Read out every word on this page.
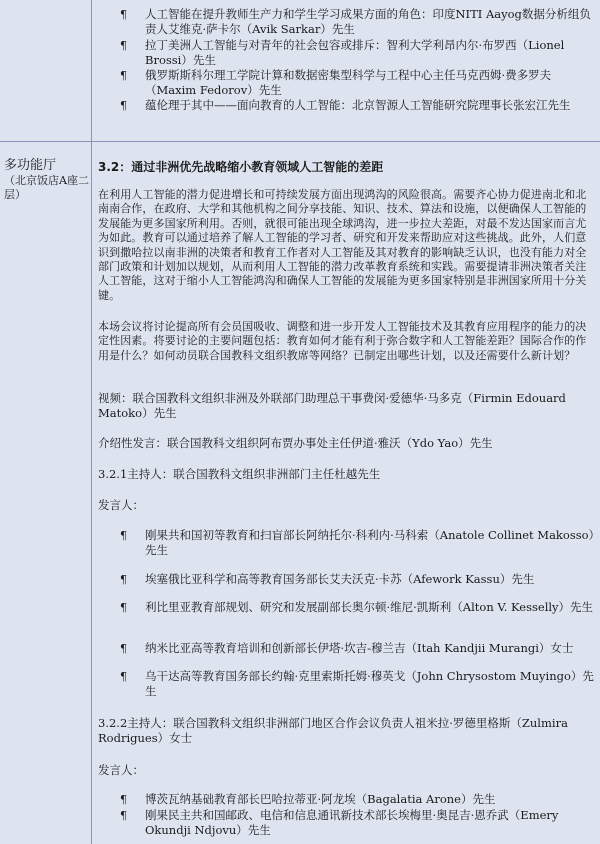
多功能厅
（北京饭店A座二层）
¶ 人工智能在提升教师生产力和学生学习成果方面的角色：印度NITI Aayog数据分析组负责人艾维克·萨卡尔（Avik Sarkar）先生
¶ 拉丁美洲人工智能与对青年的社会包容或排斥：智利大学利昂内尔·布罗西（Lionel Brossi）先生
¶ 俄罗斯斯科尔理工学院计算和数据密集型科学与工程中心主任马克西姆·费多罗夫（Maxim Fedorov）先生
¶ 蕴伦理于其中——面向教育的人工智能：北京智源人工智能研究院理事长张宏江先生
3.2：通过非洲优先战略缩小教育领域人工智能的差距
在利用人工智能的潜力促进增长和可持续发展方面出现鸿沟的风险很高。需要齐心协力促进南北和北南南合作，在政府、大学和其他机构之间分享技能、知识、技术、算法和设施，以便确保人工智能的发展能为更多国家所利用。否则，就很可能出现全球鸿沟，进一步拉大差距，对最不发达国家而言尤为如此。教育可以通过培养了解人工智能的学习者、研究和开发来帮助应对这些挑战。此外，人们意识到撒哈拉以南非洲的决策者和教育工作者对人工智能及其对教育的影响缺乏认识，也没有能力对全部门政策和计划加以规划，从而利用人工智能的潜力改革教育系统和实践。需要提请非洲决策者关注人工智能，这对于缩小人工智能鸿沟和确保人工智能的发展能为更多国家特别是非洲国家所用十分关键。
本场会议将讨论提高所有会员国吸收、调整和进一步开发人工智能技术及其教育应用程序的能力的决定性因素。将要讨论的主要问题包括：教育如何才能有利于弥合数字和人工智能差距？国际合作的作用是什么？如何动员联合国教科文组织教席等网络？已制定出哪些计划，以及还需要什么新计划？
视频：联合国教科文组织非洲及外联部门助理总干事费闵·爱德华·马多克（Firmin Edouard Matoko）先生
介绍性发言：联合国教科文组织阿布贾办事处主任伊道·雅沃（Ydo Yao）先生
3.2.1主持人：联合国教科文组织非洲部门主任杜越先生
发言人：
¶ 刚果共和国初等教育和扫盲部长阿纳托尔·科利内·马科索（Anatole Collinet Makosso）先生
¶ 埃塞俄比亚科学和高等教育国务部长艾夫沃克·卡苏（Afework Kassu）先生
¶ 利比里亚教育部规划、研究和发展副部长奥尔顿·维尼·凯斯利（Alton V. Kesselly）先生
¶ 纳米比亚高等教育培训和创新部长伊塔·坎吉-穆兰吉（Itah Kandjii Murangi）女士
¶ 乌干达高等教育国务部长约翰·克里索斯托姆·穆英戈（John Chrysostom Muyingo）先生
3.2.2主持人：联合国教科文组织非洲部门地区合作会议负责人祖米拉·罗德里格斯（Zulmira Rodrigues）女士
发言人：
¶ 博茨瓦纳基础教育部长巴哈拉蒂亚·阿龙埃（Bagalatia Arone）先生
¶ 刚果民主共和国邮政、电信和信息通讯新技术部长埃梅里·奥昆吉·恩乔武（Emery Okundji Ndjovu）先生
